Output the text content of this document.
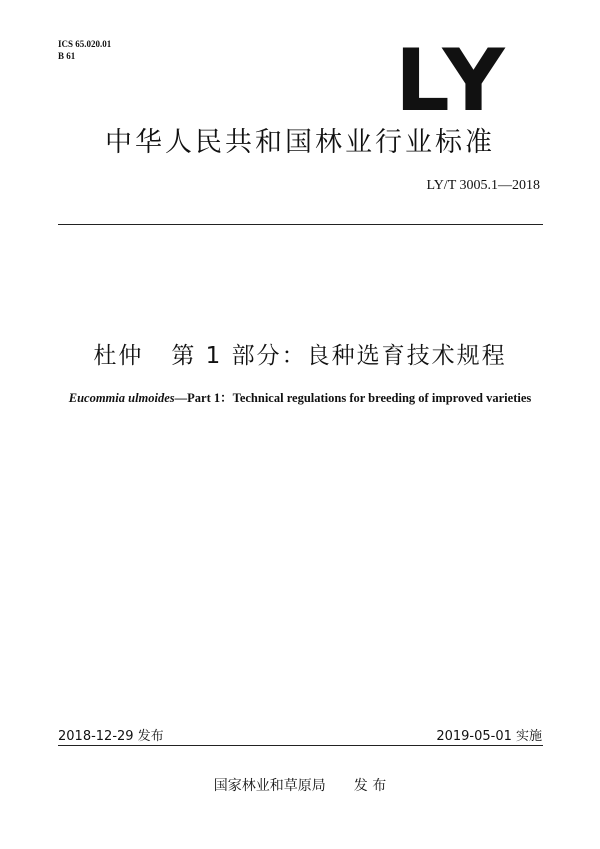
ICS 65.020.01
B 61	LY
中华人民共和国林业行业标准
LY/T 3005.1—2018
杜仲 第 1 部分：良种选育技术规程
Eucommia ulmoides—Part 1：Technical regulations for breeding of improved varieties
2018-12-29 发布	2019-05-01 实施
国家林业和草原局 发 布
